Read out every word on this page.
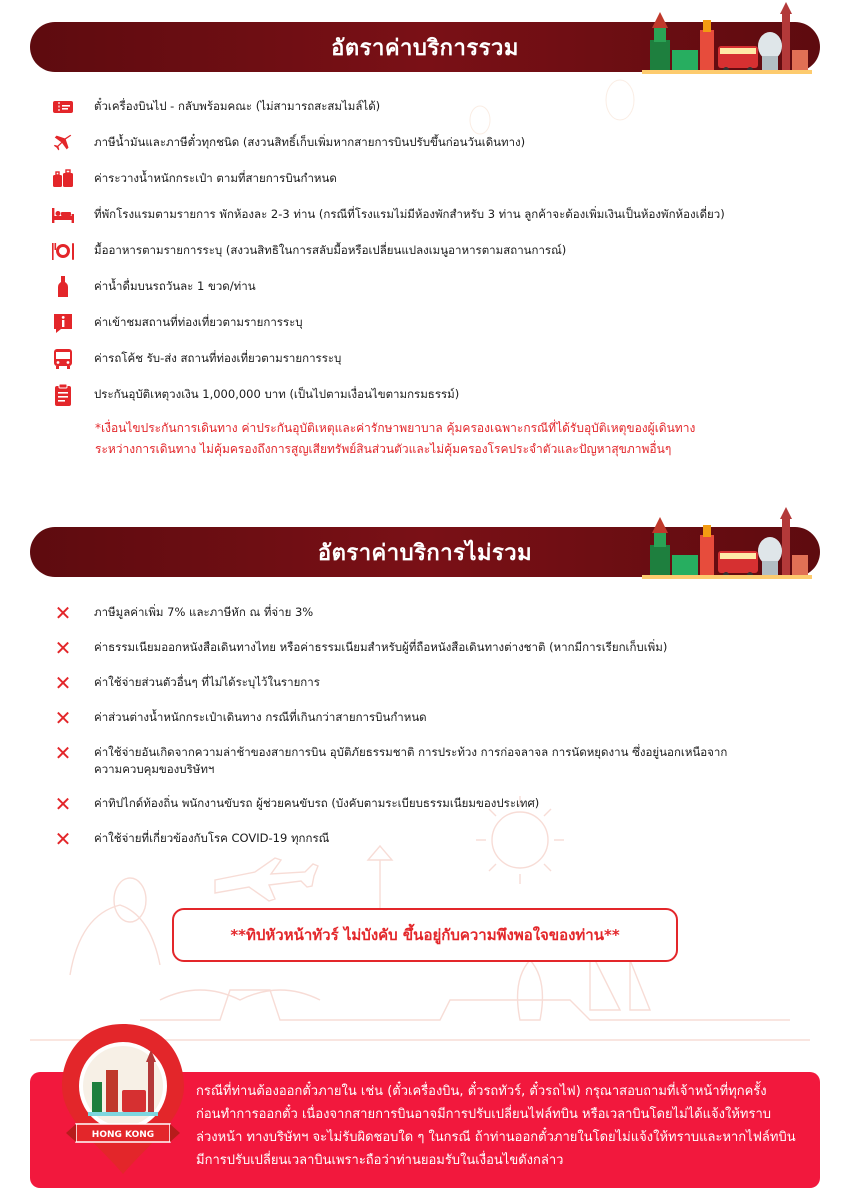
อัตราค่าบริการรวม
ตั๋วเครื่องบินไป - กลับพร้อมคณะ (ไม่สามารถสะสมไมล์ได้)
ภาษีน้ำมันและภาษีตั๋วทุกชนิด (สงวนสิทธิ์เก็บเพิ่มหากสายการบินปรับขึ้นก่อนวันเดินทาง)
ค่าระวางน้ำหนักกระเป๋า ตามที่สายการบินกำหนด
ที่พักโรงแรมตามรายการ พักห้องละ 2-3 ท่าน (กรณีที่โรงแรมไม่มีห้องพักสำหรับ 3 ท่าน ลูกค้าจะต้องเพิ่มเงินเป็นห้องพักห้องเดี่ยว)
มื้ออาหารตามรายการระบุ (สงวนสิทธิในการสลับมื้อหรือเปลี่ยนแปลงเมนูอาหารตามสถานการณ์)
ค่าน้ำดื่มบนรถวันละ 1 ขวด/ท่าน
ค่าเข้าชมสถานที่ท่องเที่ยวตามรายการระบุ
ค่ารถโค้ช รับ-ส่ง สถานที่ท่องเที่ยวตามรายการระบุ
ประกันอุบัติเหตุวงเงิน 1,000,000 บาท (เป็นไปตามเงื่อนไขตามกรมธรรม์)
*เงื่อนไขประกันการเดินทาง ค่าประกันอุบัติเหตุและค่ารักษาพยาบาล คุ้มครองเฉพาะกรณีที่ได้รับอุบัติเหตุของผู้เดินทาง
ระหว่างการเดินทาง ไม่คุ้มครองถึงการสูญเสียทรัพย์สินส่วนตัวและไม่คุ้มครองโรคประจำตัวและปัญหาสุขภาพอื่นๆ
อัตราค่าบริการไม่รวม
✕	ภาษีมูลค่าเพิ่ม 7% และภาษีหัก ณ ที่จ่าย 3%
✕	ค่าธรรมเนียมออกหนังสือเดินทางไทย หรือค่าธรรมเนียมสำหรับผู้ที่ถือหนังสือเดินทางต่างชาติ (หากมีการเรียกเก็บเพิ่ม)
✕	ค่าใช้จ่ายส่วนตัวอื่นๆ ที่ไม่ได้ระบุไว้ในรายการ
✕	ค่าส่วนต่างน้ำหนักกระเป๋าเดินทาง กรณีที่เกินกว่าสายการบินกำหนด
✕	ค่าใช้จ่ายอันเกิดจากความล่าช้าของสายการบิน อุบัติภัยธรรมชาติ การประท้วง การก่อจลาจล การนัดหยุดงาน ซึ่งอยู่นอกเหนือจาก
ความควบคุมของบริษัทฯ
✕	ค่าทิปไกด์ท้องถิ่น พนักงานขับรถ ผู้ช่วยคนขับรถ (บังคับตามระเบียบธรรมเนียมของประเทศ)
✕	ค่าใช้จ่ายที่เกี่ยวข้องกับโรค COVID-19 ทุกกรณี
**ทิปหัวหน้าทัวร์ ไม่บังคับ ขึ้นอยู่กับความพึงพอใจของท่าน**
HONG KONG
กรณีที่ท่านต้องออกตั๋วภายใน เช่น (ตั๋วเครื่องบิน, ตั๋วรถทัวร์, ตั๋วรถไฟ) กรุณาสอบถามที่เจ้าหน้าที่ทุกครั้ง
ก่อนทำการออกตั๋ว เนื่องจากสายการบินอาจมีการปรับเปลี่ยนไฟล์ทบิน หรือเวลาบินโดยไม่ได้แจ้งให้ทราบ
ล่วงหน้า ทางบริษัทฯ จะไม่รับผิดชอบใด ๆ ในกรณี ถ้าท่านออกตั๋วภายในโดยไม่แจ้งให้ทราบและหากไฟล์ทบิน
มีการปรับเปลี่ยนเวลาบินเพราะถือว่าท่านยอมรับในเงื่อนไขดังกล่าว
